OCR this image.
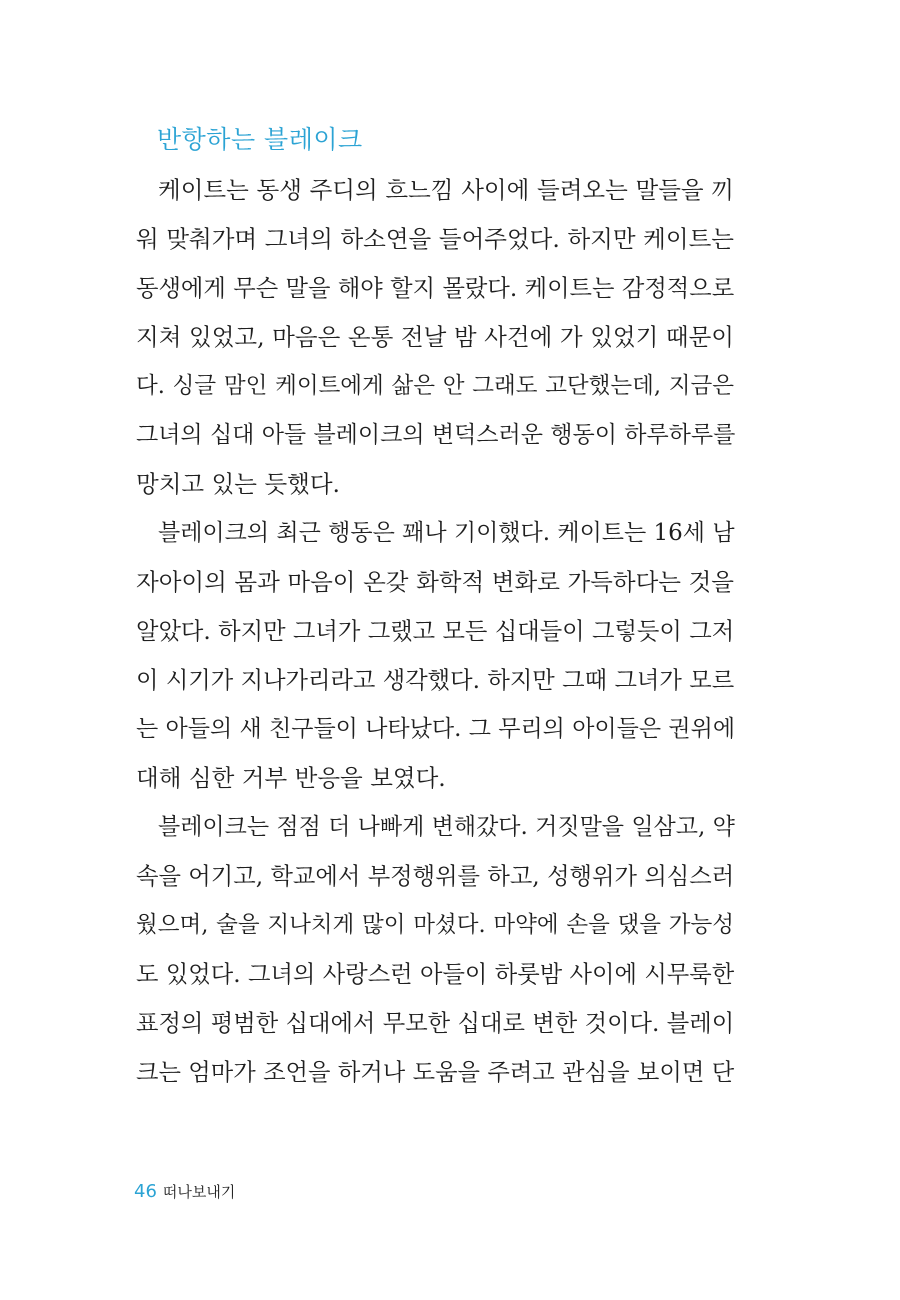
반항하는 블레이크
케이트는 동생 주디의 흐느낌 사이에 들려오는 말들을 끼
워 맞춰가며 그녀의 하소연을 들어주었다. 하지만 케이트는
동생에게 무슨 말을 해야 할지 몰랐다. 케이트는 감정적으로
지쳐 있었고, 마음은 온통 전날 밤 사건에 가 있었기 때문이
다. 싱글 맘인 케이트에게 삶은 안 그래도 고단했는데, 지금은
그녀의 십대 아들 블레이크의 변덕스러운 행동이 하루하루를
망치고 있는 듯했다.
블레이크의 최근 행동은 꽤나 기이했다. 케이트는 16세 남
자아이의 몸과 마음이 온갖 화학적 변화로 가득하다는 것을
알았다. 하지만 그녀가 그랬고 모든 십대들이 그렇듯이 그저
이 시기가 지나가리라고 생각했다. 하지만 그때 그녀가 모르
는 아들의 새 친구들이 나타났다. 그 무리의 아이들은 권위에
대해 심한 거부 반응을 보였다.
블레이크는 점점 더 나빠게 변해갔다. 거짓말을 일삼고, 약
속을 어기고, 학교에서 부정행위를 하고, 성행위가 의심스러
웠으며, 술을 지나치게 많이 마셨다. 마약에 손을 댔을 가능성
도 있었다. 그녀의 사랑스런 아들이 하룻밤 사이에 시무룩한
표정의 평범한 십대에서 무모한 십대로 변한 것이다. 블레이
크는 엄마가 조언을 하거나 도움을 주려고 관심을 보이면 단
46 떠나보내기
